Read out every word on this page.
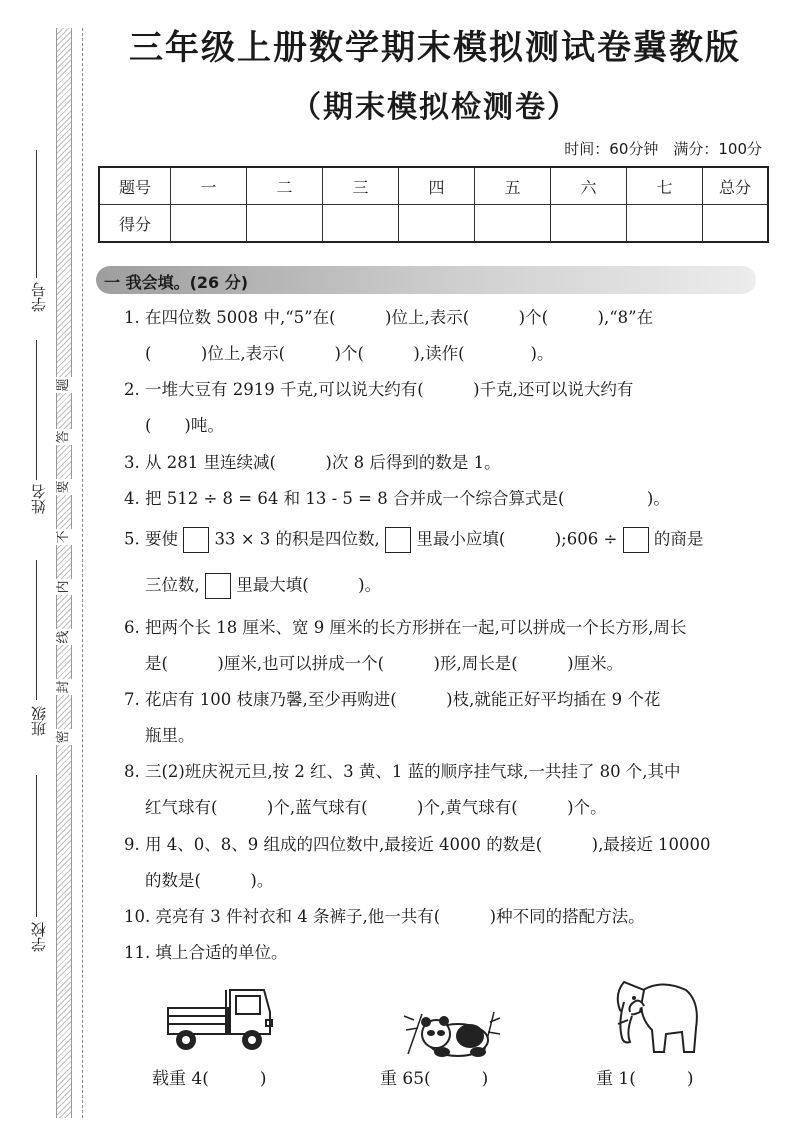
学号
姓名
班级
学校
题
答
要
不
内
线
封
密
三年级上册数学期末模拟测试卷冀教版
（期末模拟检测卷）
时间：60分钟　满分：100分
题号	一	二	三	四	五	六	七	总分
得分								
一 我会填。(26 分)
1. 在四位数 5008 中,“5”在(　　　)位上,表示(　　　)个(　　　),“8”在
(　　　)位上,表示(　　　)个(　　　),读作(　　　　)。
2. 一堆大豆有 2919 千克,可以说大约有(　　　)千克,还可以说大约有
(　　)吨。
3. 从 281 里连续减(　　　)次 8 后得到的数是 1。
4. 把 512 ÷ 8 = 64 和 13 - 5 = 8 合并成一个综合算式是(　　　　　)。
5. 要使 33 × 3 的积是四位数, 里最小应填(　　　);606 ÷ 的商是
三位数, 里最大填(　　　)。
6. 把两个长 18 厘米、宽 9 厘米的长方形拼在一起,可以拼成一个长方形,周长
是(　　　)厘米,也可以拼成一个(　　　)形,周长是(　　　)厘米。
7. 花店有 100 枝康乃馨,至少再购进(　　　)枝,就能正好平均插在 9 个花
瓶里。
8. 三(2)班庆祝元旦,按 2 红、3 黄、1 蓝的顺序挂气球,一共挂了 80 个,其中
红气球有(　　　)个,蓝气球有(　　　)个,黄气球有(　　　)个。
9. 用 4、0、8、9 组成的四位数中,最接近 4000 的数是(　　　),最接近 10000
的数是(　　　)。
10. 亮亮有 3 件衬衣和 4 条裤子,他一共有(　　　)种不同的搭配方法。
11. 填上合适的单位。
载重 4(　　　)	重 65(　　　)	重 1(　　　)
